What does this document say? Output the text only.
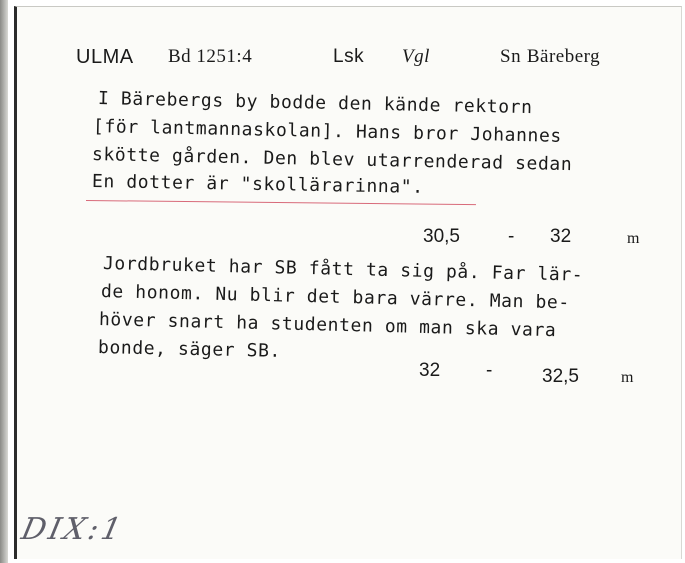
ULMA Bd 1251:4	Lsk Vgl	Sn Bäreberg
I Bärebergs by bodde den kände rektorn
[för lantmannaskolan]. Hans bror Johannes
skötte gården. Den blev utarrenderad sedan
En dotter är "skollärarinna".
30,5	- 32	m
Jordbruket har SB fått ta sig på. Far lär-
de honom. Nu blir det bara värre. Man be-
höver snart ha studenten om man ska vara
bonde, säger SB.
32 -	32,5	m
DIX:1
